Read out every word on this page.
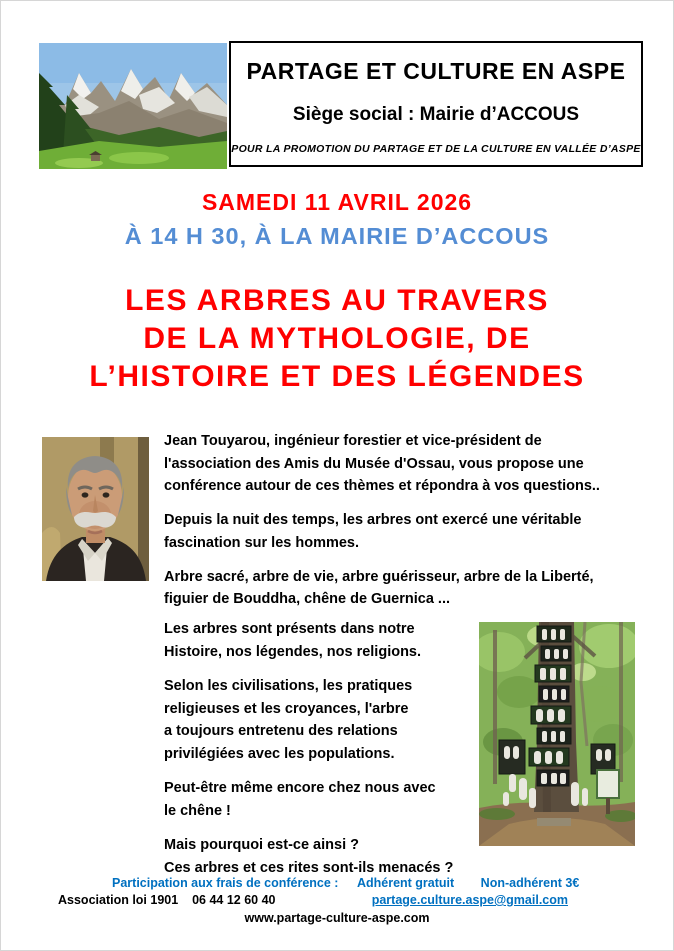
PARTAGE ET CULTURE EN ASPE
Siège social : Mairie d’ACCOUS
POUR LA PROMOTION DU PARTAGE ET DE LA CULTURE EN VALLÉE D’ASPE
SAMEDI 11 AVRIL 2026
À 14 H 30, À LA MAIRIE D’ACCOUS
LES ARBRES AU TRAVERS
DE LA MYTHOLOGIE, DE
L’HISTOIRE ET DES LÉGENDES

Jean Touyarou, ingénieur forestier et vice-président de
l'association des Amis du Musée d'Ossau, vous propose une
conférence autour de ces thèmes et répondra à vos questions..

Depuis la nuit des temps, les arbres ont exercé une véritable
fascination sur les hommes.

Arbre sacré, arbre de vie, arbre guérisseur, arbre de la Liberté,
figuier de Bouddha, chêne de Guernica ...

Les arbres sont présents dans notre
Histoire, nos légendes, nos religions.

Selon les civilisations, les pratiques
religieuses et les croyances, l'arbre
a toujours entretenu des relations
privilégiées avec les populations.

Peut-être même encore chez nous avec
le chêne !

Mais pourquoi est-ce ainsi ?
Ces arbres et ces rites sont-ils menacés ?

Participation aux frais de conférence : Adhérent gratuit Non-adhérent 3€
Association loi 1901    06 44 12 60 40	partage.culture.aspe@gmail.com
www.partage-culture-aspe.com
